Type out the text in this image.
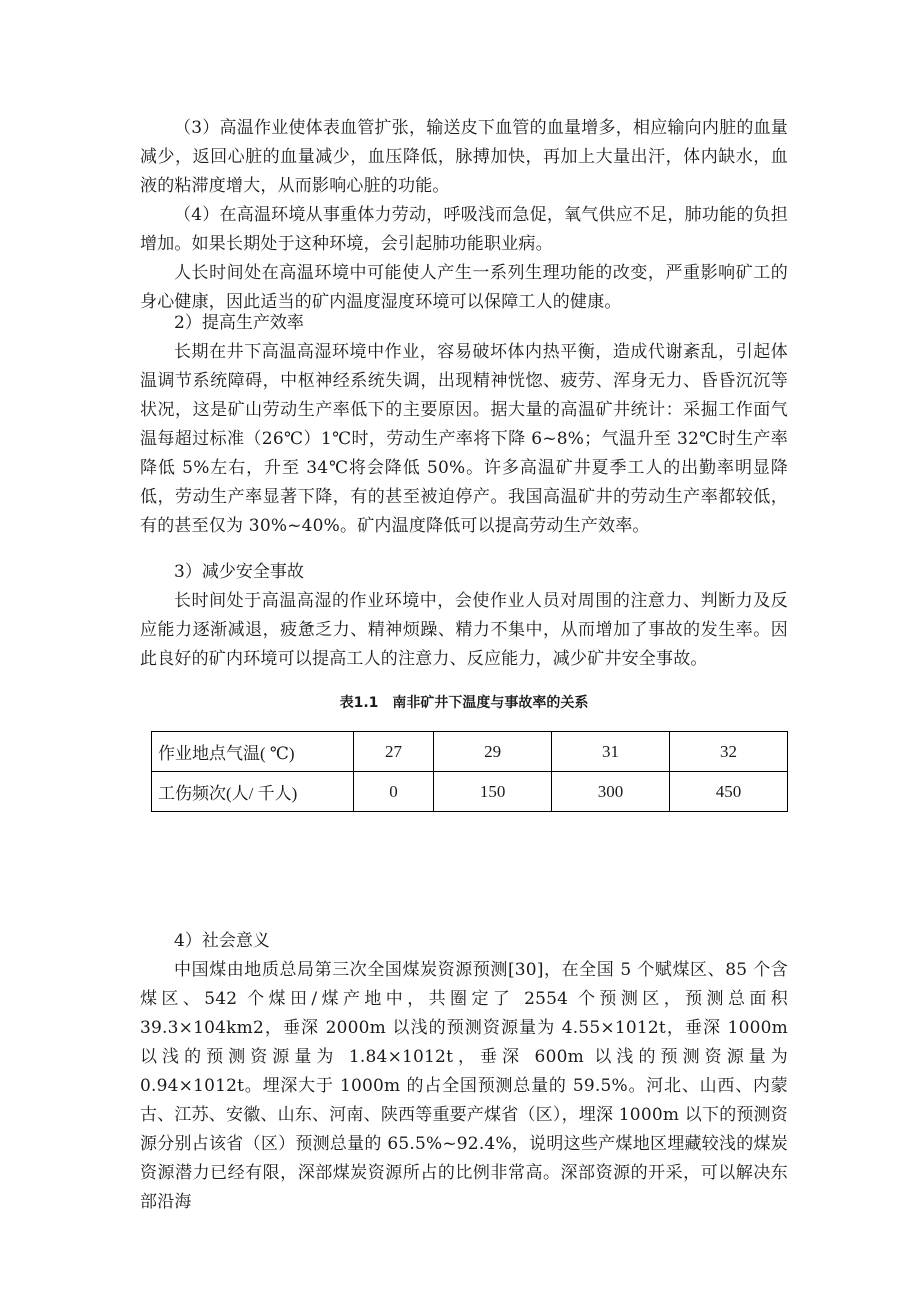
（3）高温作业使体表血管扩张，输送皮下血管的血量增多，相应输向内脏的血量减少，返回心脏的血量减少，血压降低，脉搏加快，再加上大量出汗，体内缺水，血液的粘滞度增大，从而影响心脏的功能。

（4）在高温环境从事重体力劳动，呼吸浅而急促，氧气供应不足，肺功能的负担增加。如果长期处于这种环境，会引起肺功能职业病。

人长时间处在高温环境中可能使人产生一系列生理功能的改变，严重影响矿工的身心健康，因此适当的矿内温度湿度环境可以保障工人的健康。

2）提高生产效率

长期在井下高温高湿环境中作业，容易破坏体内热平衡，造成代谢紊乱，引起体温调节系统障碍，中枢神经系统失调，出现精神恍惚、疲劳、浑身无力、昏昏沉沉等状况，这是矿山劳动生产率低下的主要原因。据大量的高温矿井统计：采掘工作面气温每超过标准（26℃）1℃时，劳动生产率将下降 6~8%；气温升至 32℃时生产率降低 5%左右，升至 34℃将会降低 50%。许多高温矿井夏季工人的出勤率明显降低，劳动生产率显著下降，有的甚至被迫停产。我国高温矿井的劳动生产率都较低，有的甚至仅为 30%~40%。矿内温度降低可以提高劳动生产效率。

3）减少安全事故

长时间处于高温高湿的作业环境中，会使作业人员对周围的注意力、判断力及反应能力逐渐减退，疲惫乏力、精神烦躁、精力不集中，从而增加了事故的发生率。因此良好的矿内环境可以提高工人的注意力、反应能力，减少矿井安全事故。

表1.1　南非矿井下温度与事故率的关系
作业地点气温( ℃)	27	29	31	32
工伤频次(人/ 千人)	0	150	300	450

4）社会意义

中国煤由地质总局第三次全国煤炭资源预测[30]，在全国 5 个赋煤区、85 个含煤区、542 个煤田/煤产地中，共圈定了 2554 个预测区，预测总面积 39.3×104km2，垂深 2000m 以浅的预测资源量为 4.55×1012t，垂深 1000m 以浅的预测资源量为 1.84×1012t，垂深 600m 以浅的预测资源量为 0.94×1012t。埋深大于 1000m 的占全国预测总量的 59.5%。河北、山西、内蒙古、江苏、安徽、山东、河南、陕西等重要产煤省（区），埋深 1000m 以下的预测资源分别占该省（区）预测总量的 65.5%~92.4%，说明这些产煤地区埋藏较浅的煤炭资源潜力已经有限，深部煤炭资源所占的比例非常高。深部资源的开采，可以解决东部沿海
